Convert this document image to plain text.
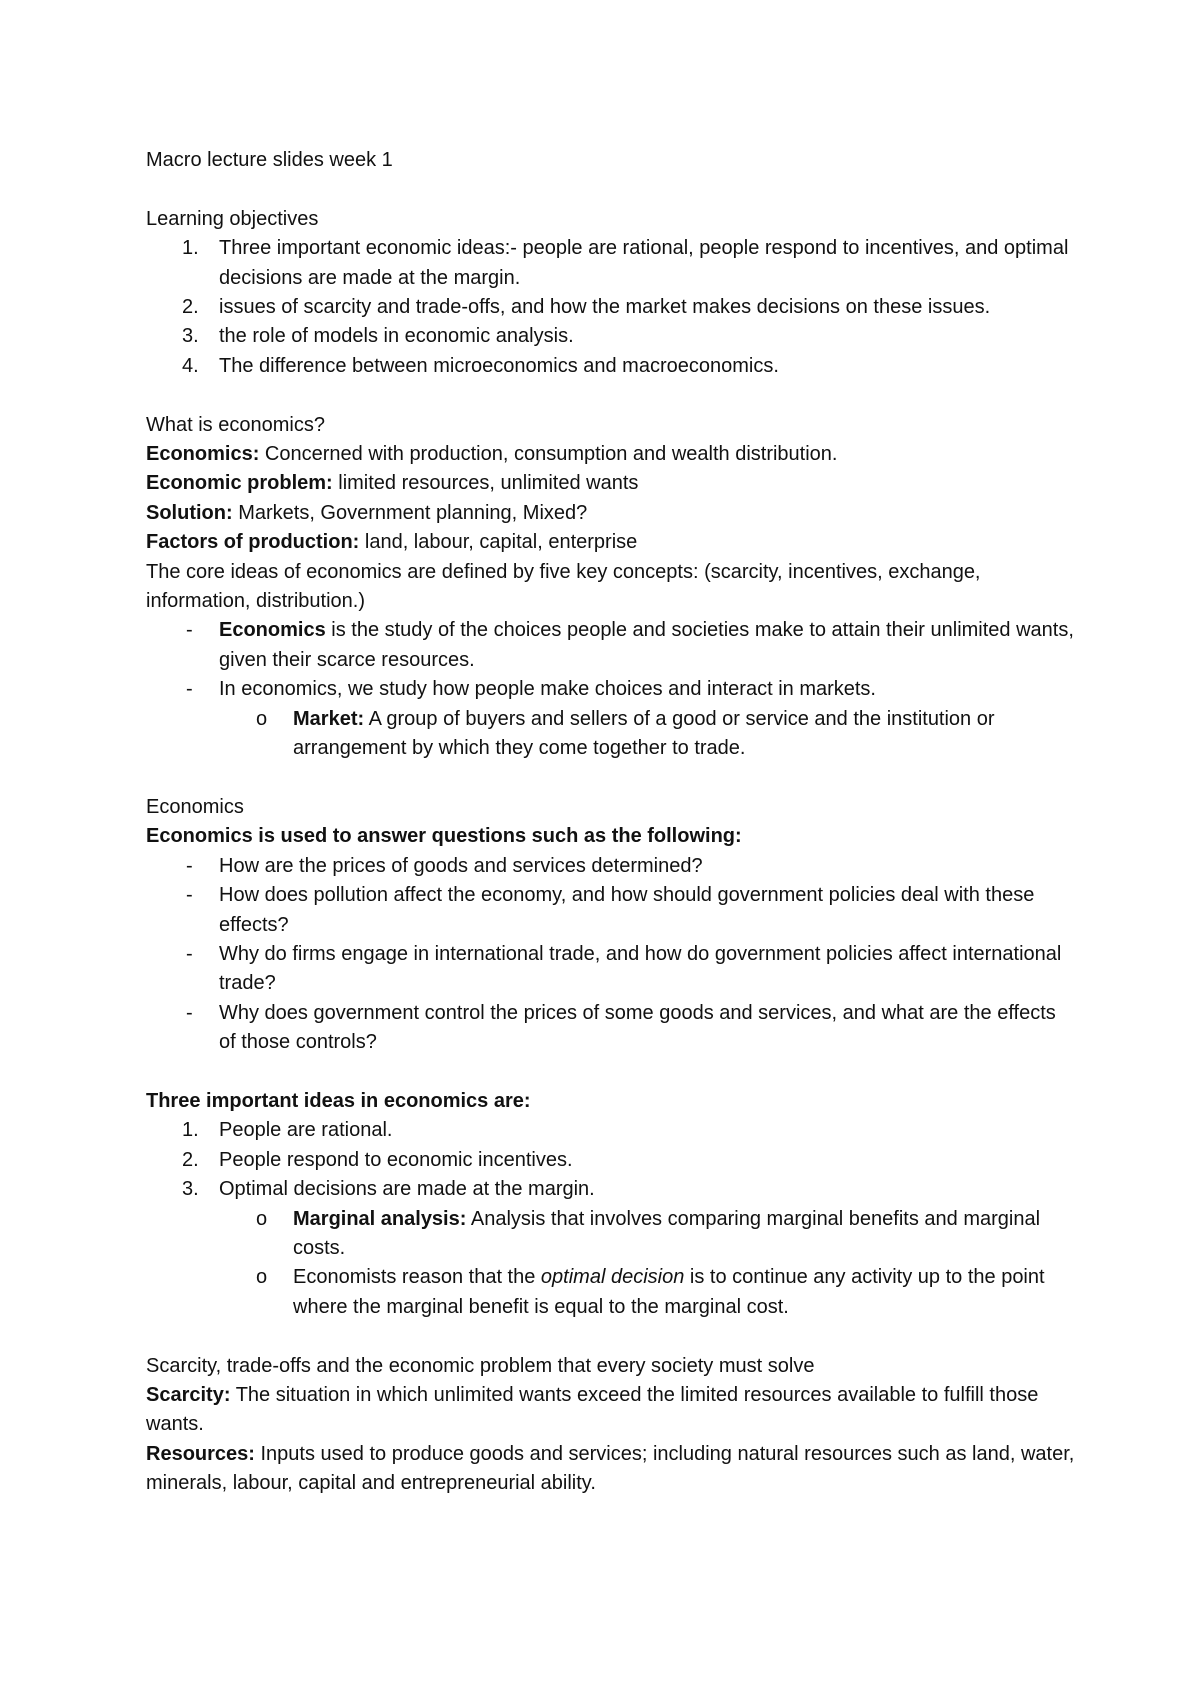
Macro lecture slides week 1

Learning objectives

1.	Three important economic ideas:- people are rational, people respond to incentives, and optimal decisions are made at the margin.

2.	issues of scarcity and trade-offs, and how the market makes decisions on these issues.

3.	the role of models in economic analysis.

4.	The difference between microeconomics and macroeconomics.

What is economics?

Economics: Concerned with production, consumption and wealth distribution.

Economic problem: limited resources, unlimited wants

Solution: Markets, Government planning, Mixed?

Factors of production: land, labour, capital, enterprise

The core ideas of economics are defined by five key concepts: (scarcity, incentives, exchange, information, distribution.)

-	Economics is the study of the choices people and societies make to attain their unlimited wants, given their scarce resources.

-	In economics, we study how people make choices and interact in markets.

o	Market: A group of buyers and sellers of a good or service and the institution or arrangement by which they come together to trade.

Economics

Economics is used to answer questions such as the following:

-	How are the prices of goods and services determined?

-	How does pollution affect the economy, and how should government policies deal with these effects?

-	Why do firms engage in international trade, and how do government policies affect international trade?

-	Why does government control the prices of some goods and services, and what are the effects of those controls?

Three important ideas in economics are:

1.	People are rational.

2.	People respond to economic incentives.

3.	Optimal decisions are made at the margin.

o	Marginal analysis: Analysis that involves comparing marginal benefits and marginal costs.

o	Economists reason that the optimal decision is to continue any activity up to the point where the marginal benefit is equal to the marginal cost.

Scarcity, trade-offs and the economic problem that every society must solve

Scarcity: The situation in which unlimited wants exceed the limited resources available to fulfill those wants.

Resources: Inputs used to produce goods and services; including natural resources such as land, water, minerals, labour, capital and entrepreneurial ability.
